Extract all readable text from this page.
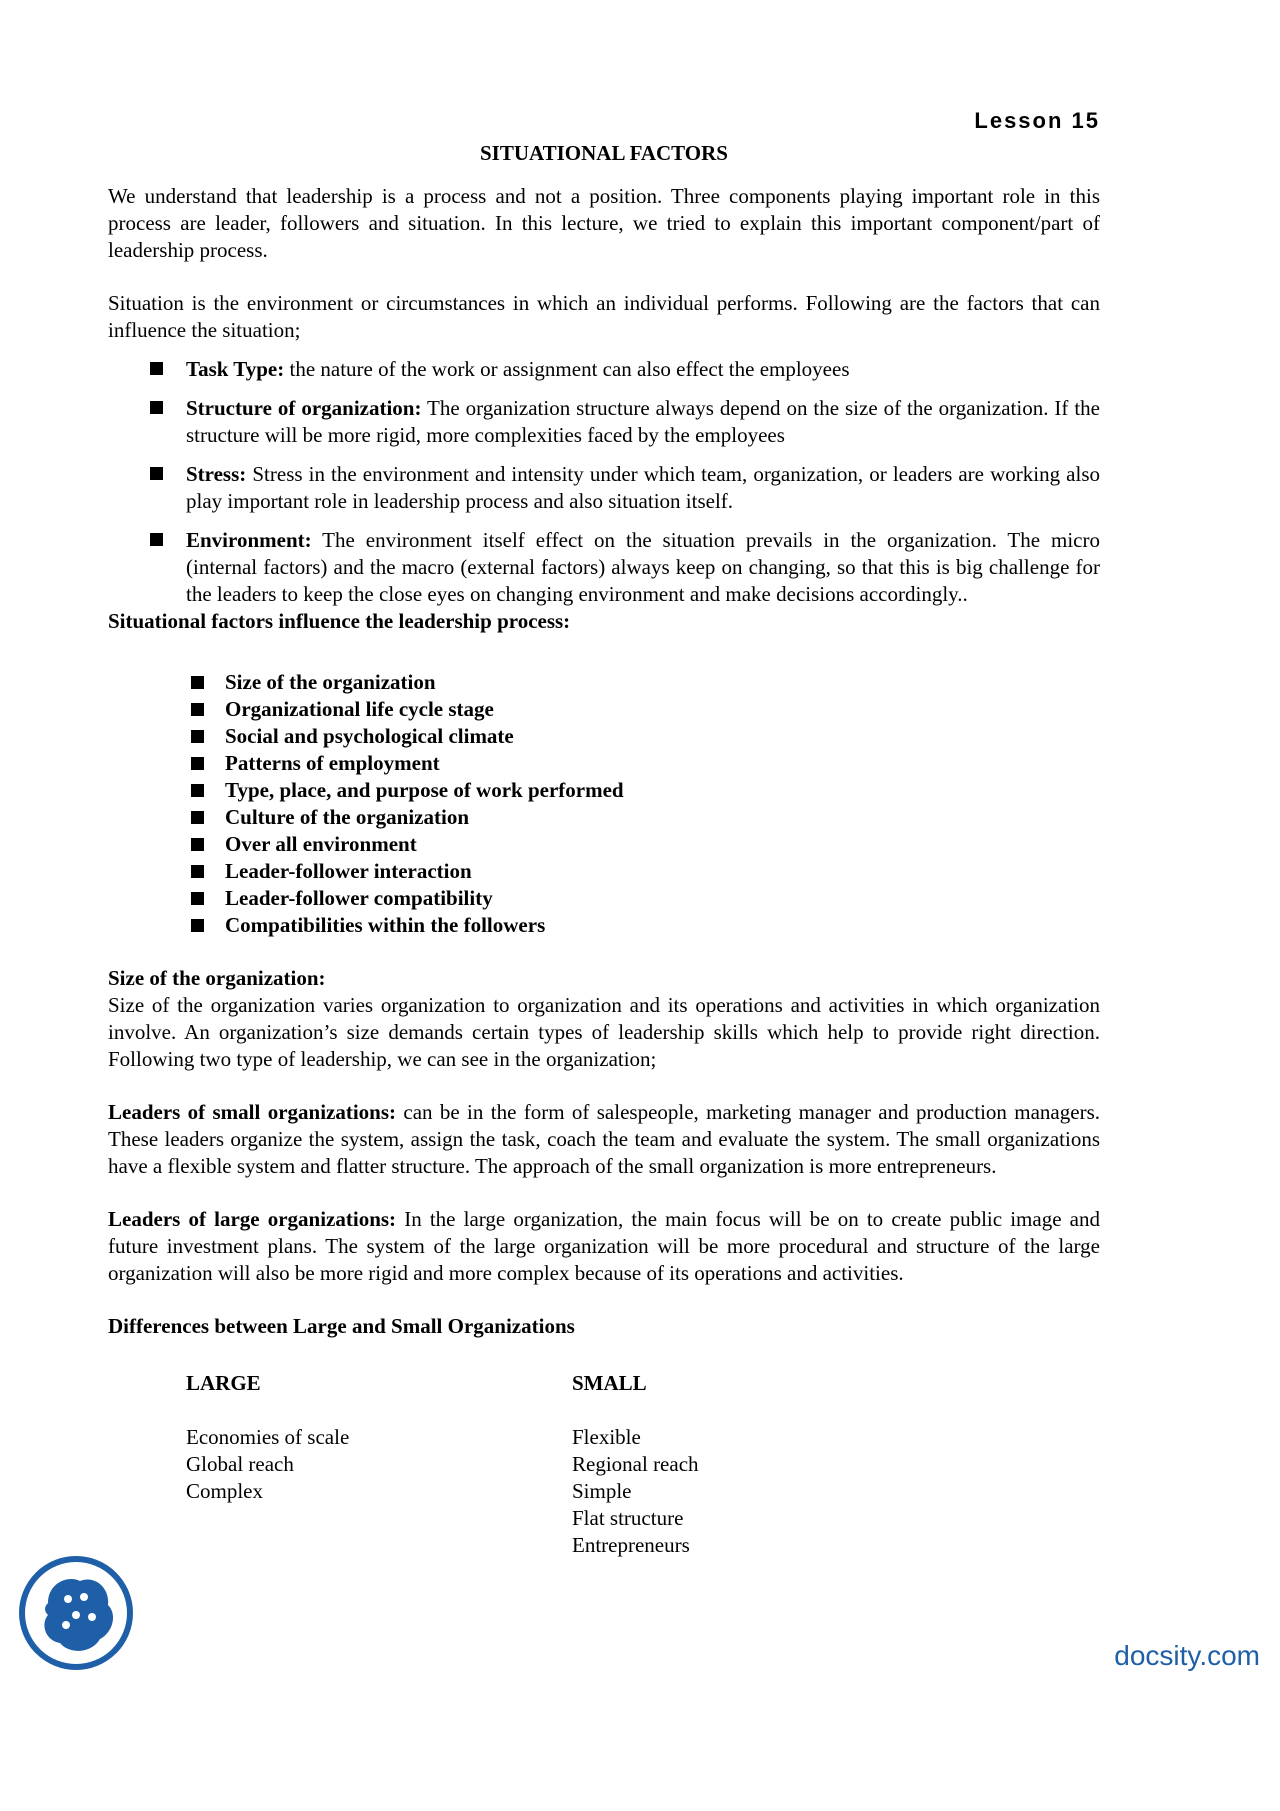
Lesson 15
SITUATIONAL FACTORS

We understand that leadership is a process and not a position. Three components playing important role in this process are leader, followers and situation. In this lecture, we tried to explain this important component/part of leadership process.

Situation is the environment or circumstances in which an individual performs. Following are the factors that can influence the situation;

Task Type: the nature of the work or assignment can also effect the employees
Structure of organization: The organization structure always depend on the size of the organization. If the structure will be more rigid, more complexities faced by the employees
Stress: Stress in the environment and intensity under which team, organization, or leaders are working also play important role in leadership process and also situation itself.
Environment: The environment itself effect on the situation prevails in the organization. The micro (internal factors) and the macro (external factors) always keep on changing, so that this is big challenge for the leaders to keep the close eyes on changing environment and make decisions accordingly..

Situational factors influence the leadership process:

Size of the organization
Organizational life cycle stage
Social and psychological climate
Patterns of employment
Type, place, and purpose of work performed
Culture of the organization
Over all environment
Leader-follower interaction
Leader-follower compatibility
Compatibilities within the followers

Size of the organization:

Size of the organization varies organization to organization and its operations and activities in which organization involve. An organization’s size demands certain types of leadership skills which help to provide right direction. Following two type of leadership, we can see in the organization;

Leaders of small organizations: can be in the form of salespeople, marketing manager and production managers. These leaders organize the system, assign the task, coach the team and evaluate the system. The small organizations have a flexible system and flatter structure. The approach of the small organization is more entrepreneurs.

Leaders of large organizations: In the large organization, the main focus will be on to create public image and future investment plans. The system of the large organization will be more procedural and structure of the large organization will also be more rigid and more complex because of its operations and activities.

Differences between Large and Small Organizations

LARGE
Economies of scale
Global reach
Complex
SMALL
Flexible
Regional reach
Simple
Flat structure
Entrepreneurs
docsity.com
